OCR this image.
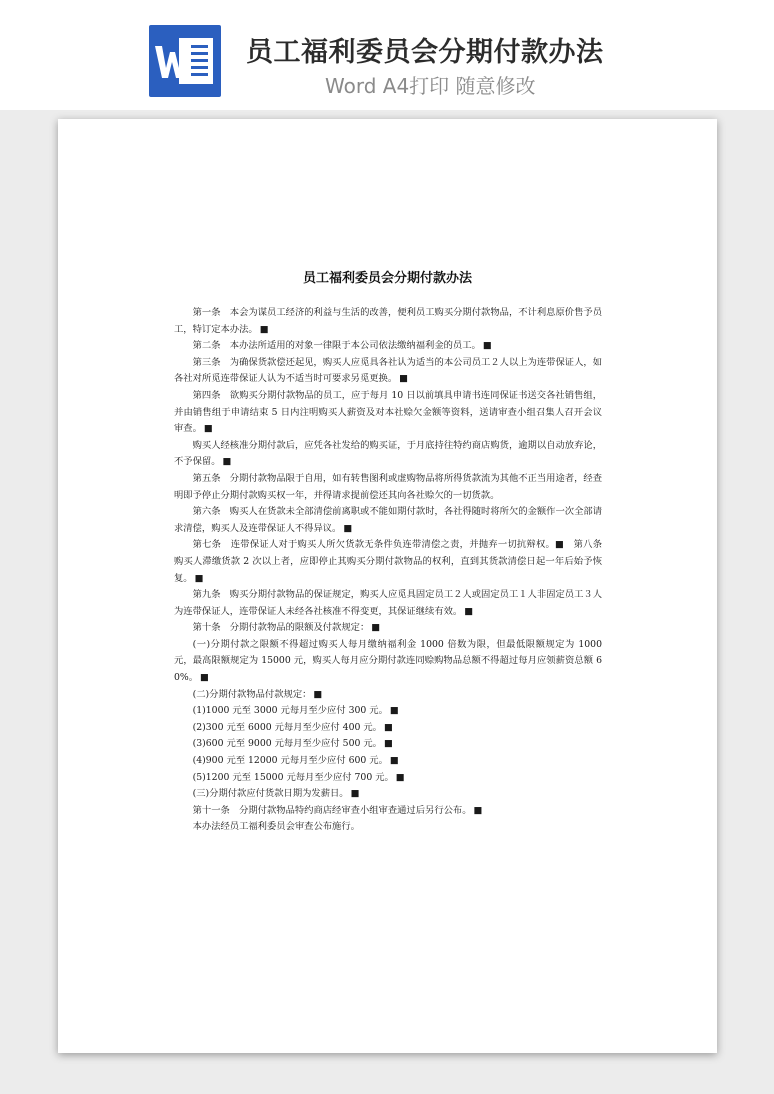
员工福利委员会分期付款办法
Word A4打印 随意修改
员工福利委员会分期付款办法

第一条　本会为谋员工经济的利益与生活的改善，便利员工购买分期付款物品，不计利息原价售予员工，特订定本办法。 ■

第二条　本办法所适用的对象一律限于本公司依法缴纳福利金的员工。 ■

第三条　为确保货款偿还起见，购买人应觅具各社认为适当的本公司员工２人以上为连带保证人，如各社对所觅连带保证人认为不适当时可要求另觅更换。 ■

第四条　欲购买分期付款物品的员工，应于每月 10 日以前填具申请书连同保证书送交各社销售组，并由销售组于申请结束 5 日内注明购买人薪资及对本社赊欠金额等资料，送请审查小组召集人召开会议审查。 ■

购买人经核准分期付款后，应凭各社发给的购买证，于月底持往特约商店购货，逾期以自动放弃论，不予保留。 ■

第五条　分期付款物品限于自用，如有转售图利或虚购物品将所得货款流为其他不正当用途者，经查明即予停止分期付款购买权一年，并得请求提前偿还其向各社赊欠的一切货款。

第六条　购买人在货款未全部清偿前离职或不能如期付款时，各社得随时将所欠的金额作一次全部请求清偿，购买人及连带保证人不得异议。 ■

第七条　连带保证人对于购买人所欠货款无条件负连带清偿之责，并抛弃一切抗辩权。■　第八条　购买人滞缴货款 2 次以上者，应即停止其购买分期付款物品的权利，直到其货款清偿日起一年后始予恢复。 ■

第九条　购买分期付款物品的保证规定，购买人应觅具固定员工２人或固定员工１人非固定员工３人为连带保证人，连带保证人未经各社核准不得变更，其保证继续有效。 ■

第十条　分期付款物品的限额及付款规定： ■

(一)分期付款之限额不得超过购买人每月缴纳福利金 1000 倍数为限，但最低限额规定为 1000 元，最高限额规定为 15000 元，购买人每月应分期付款连同赊购物品总额不得超过每月应领薪资总额 60%。 ■

(二)分期付款物品付款规定： ■

(1)1000 元至 3000 元每月至少应付 300 元。 ■

(2)300 元至 6000 元每月至少应付 400 元。 ■

(3)600 元至 9000 元每月至少应付 500 元。 ■

(4)900 元至 12000 元每月至少应付 600 元。 ■

(5)1200 元至 15000 元每月至少应付 700 元。 ■

(三)分期付款应付货款日期为发薪日。 ■

第十一条　分期付款物品特约商店经审查小组审查通过后另行公布。 ■

本办法经员工福利委员会审查公布施行。
